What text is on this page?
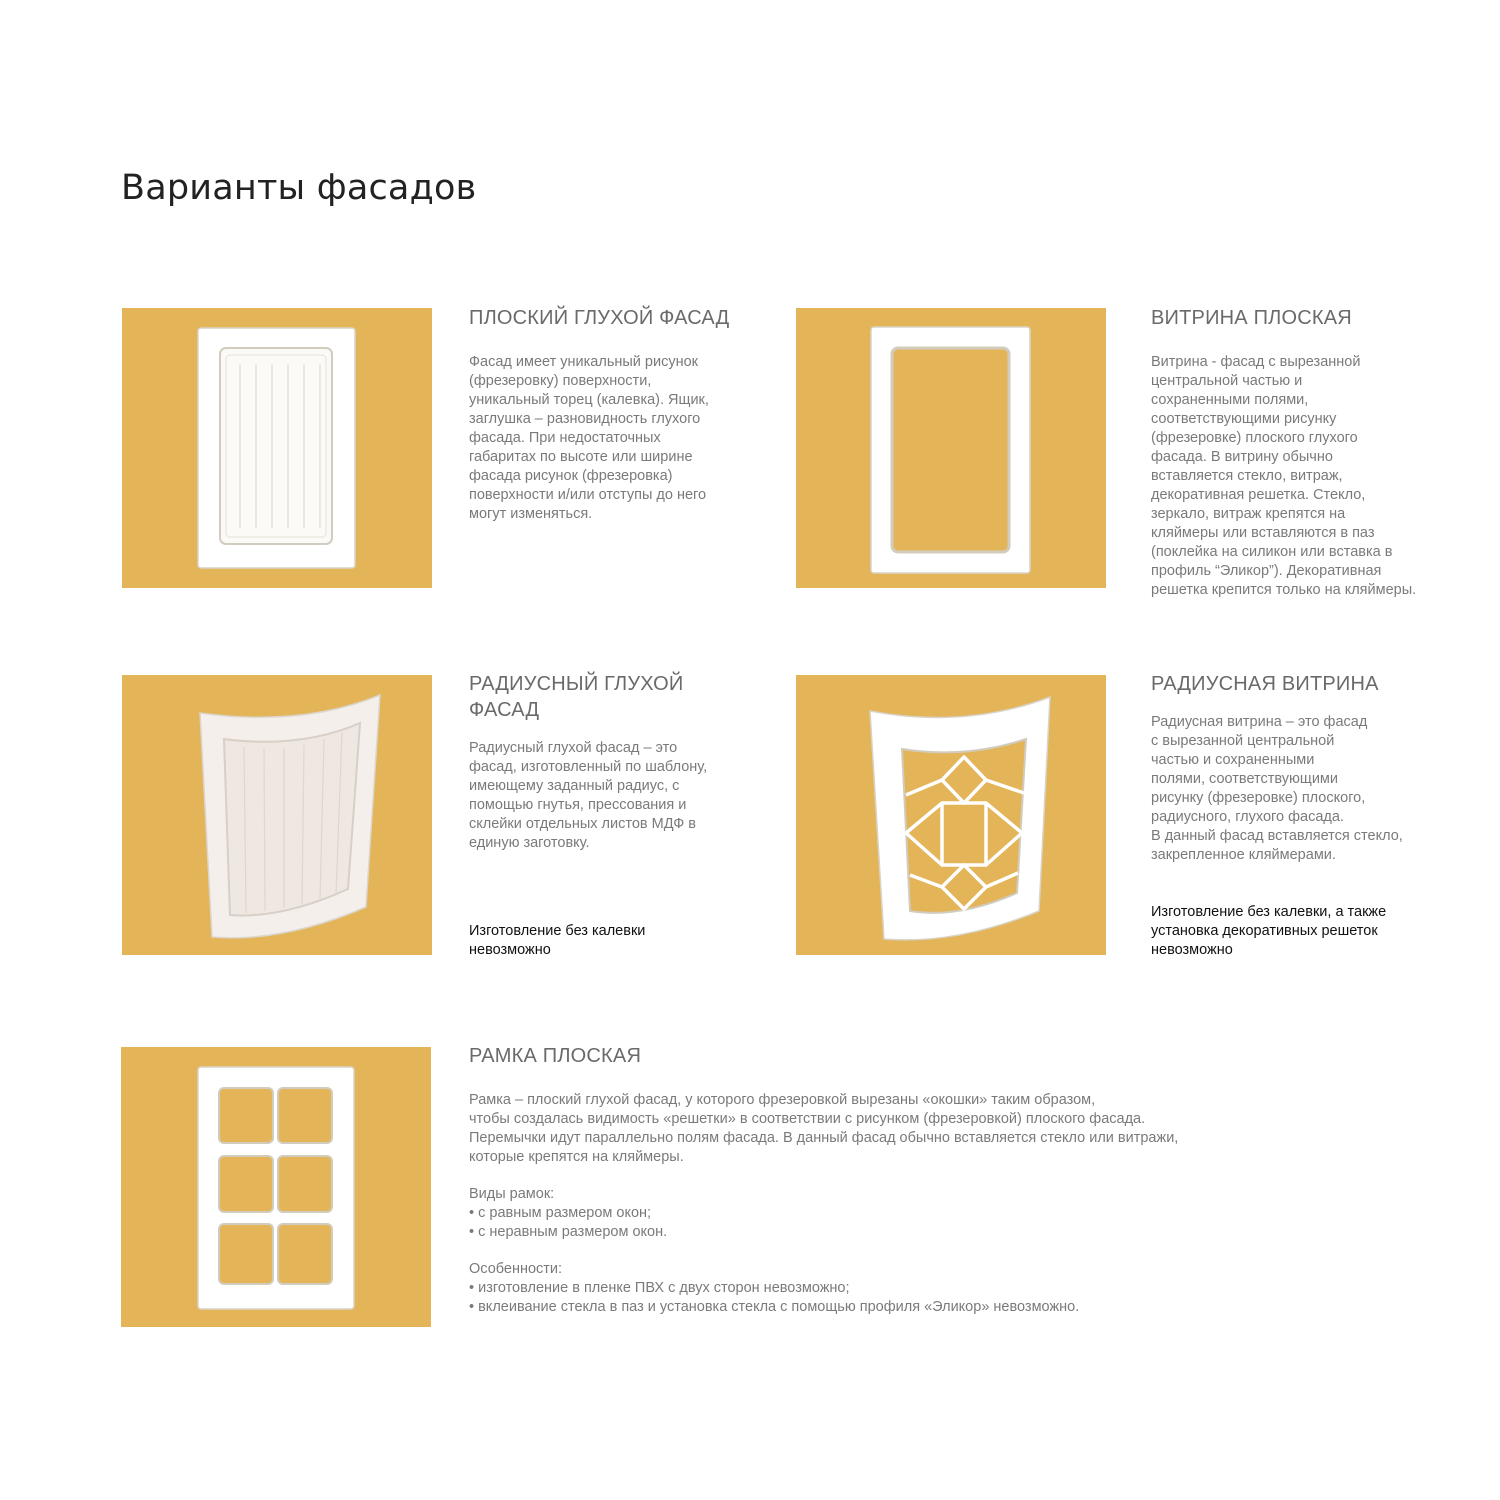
Варианты фасадов
ПЛОСКИЙ ГЛУХОЙ ФАСАД

Фасад имеет уникальный рисунок
(фрезеровку) поверхности,
уникальный торец (калевка). Ящик,
заглушка – разновидность глухого
фасада. При недостаточных
габаритах по высоте или ширине
фасада рисунок (фрезеровка)
поверхности и/или отступы до него
могут изменяться.

ВИТРИНА ПЛОСКАЯ

Витрина - фасад с вырезанной
центральной частью и
сохраненными полями,
соответствующими рисунку
(фрезеровке) плоского глухого
фасада. В витрину обычно
вставляется стекло, витраж,
декоративная решетка. Стекло,
зеркало, витраж крепятся на
кляймеры или вставляются в паз
(поклейка на силикон или вставка в
профиль “Эликор”). Декоративная
решетка крепится только на кляймеры.

РАДИУСНЫЙ ГЛУХОЙ
ФАСАД

Радиусный глухой фасад – это
фасад, изготовленный по шаблону,
имеющему заданный радиус, с
помощью гнутья, прессования и
склейки отдельных листов МДФ в
единую заготовку.

Изготовление без калевки
невозможно

РАДИУСНАЯ ВИТРИНА

Радиусная витрина – это фасад
с вырезанной центральной
частью и сохраненными
полями, соответствующими
рисунку (фрезеровке) плоского,
радиусного, глухого фасада.
В данный фасад вставляется стекло,
закрепленное кляймерами.

Изготовление без калевки, а также
установка декоративных решеток
невозможно

РАМКА ПЛОСКАЯ

Рамка – плоский глухой фасад, у которого фрезеровкой вырезаны «окошки» таким образом,
чтобы создалась видимость «решетки» в соответствии с рисунком (фрезеровкой) плоского фасада.
Перемычки идут параллельно полям фасада. В данный фасад обычно вставляется стекло или витражи,
которые крепятся на кляймеры.

Виды рамок:
• с равным размером окон;
• с неравным размером окон.
Особенности:
• изготовление в пленке ПВХ с двух сторон невозможно;
• вклеивание стекла в паз и установка стекла с помощью профиля «Эликор» невозможно.
